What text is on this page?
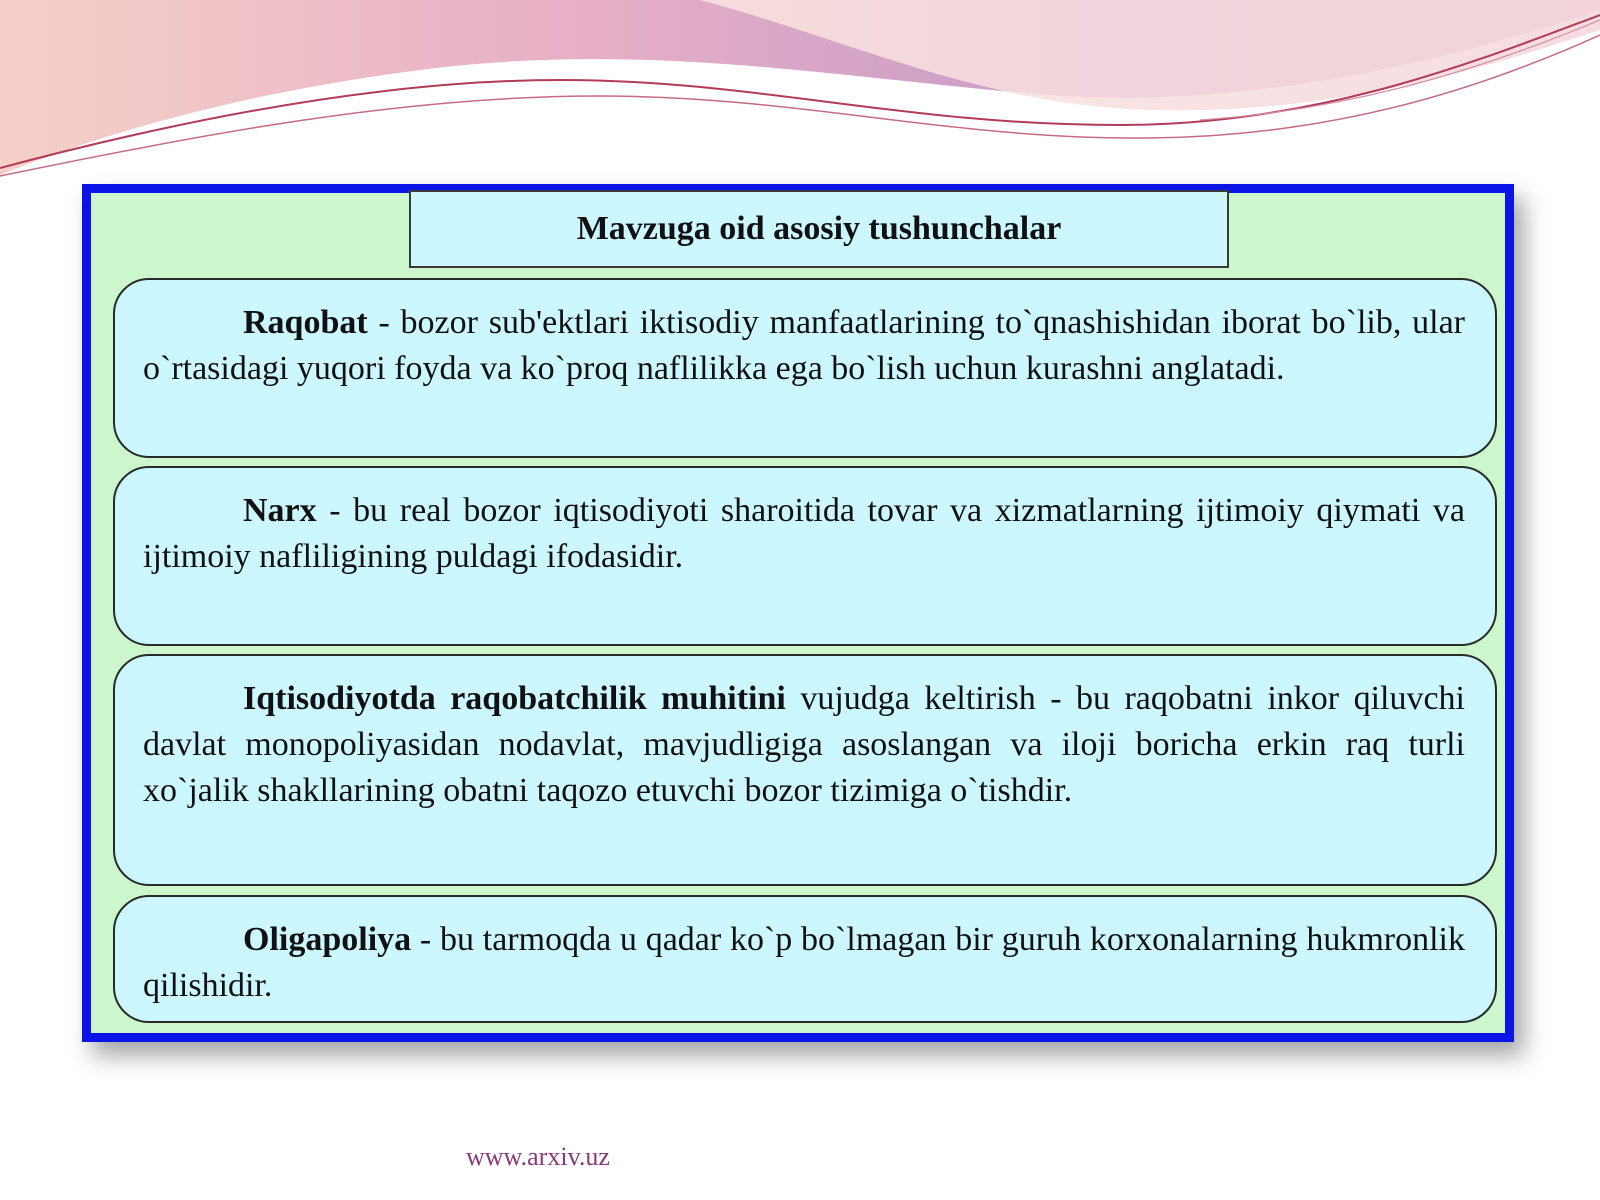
Mavzuga oid asosiy tushunchalar

Raqobat - bozor sub'ektlari iktisodiy manfaatlarining to`qnashishidan iborat bo`lib, ular o`rtasidagi yuqori foyda va ko`proq naflilikka ega bo`lish uchun kurashni anglatadi.

Narx - bu real bozor iqtisodiyoti sharoitida tovar va xizmatlarning ijtimoiy qiymati va ijtimoiy nafliligining puldagi ifodasidir.

Iqtisodiyotda raqobatchilik muhitini vujudga keltirish - bu raqobatni inkor qiluvchi davlat monopoliyasidan nodavlat, mavjudligiga asoslangan va iloji boricha erkin raq turli xo`jalik shakllarining obatni taqozo etuvchi bozor tizimiga o`tishdir.

Oligapoliya - bu tarmoqda u qadar ko`p bo`lmagan bir guruh korxonalarning hukmronlik qilishidir.

www.arxiv.uz
